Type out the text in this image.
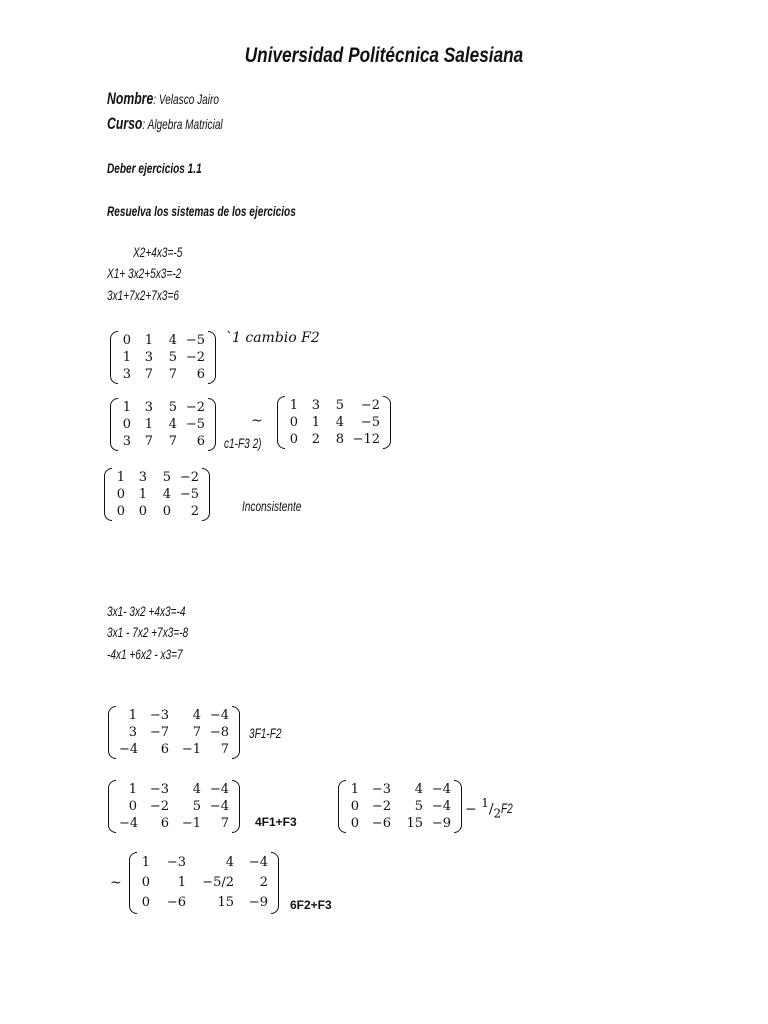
Universidad Politécnica Salesiana
Nombre: Velasco Jairo
Curso: Algebra Matricial
Deber ejercicios 1.1
Resuelva los sistemas de los ejercicios
X2+4x3=-5
X1+ 3x2+5x3=-2
3x1+7x2+7x3=6
0	1	4 −5
1	3	5 −2
3	7	7	6
`1 cambio F2
1	3	5 −2
0	1	4 −5
3	7	7	6
~
c1-F3 2)
1	3	5	−2
0	1	4	−5
0	2	8 −12
1	3	5 −2
0	1	4 −5
0	0	0	2	Inconsistente
3x1- 3x2 +4x3=-4
3x1 - 7x2 +7x3=-8
-4x1 +6x2 - x3=7
1 −3	4 −4
3 −7	7 −8
−4	6 −1	7
3F1-F2
1 −3	4 −4
0 −2	5 −4
−4	6 −1	7 4F1+F3
1 −3	4 −4
0 −2	5 −4
0 −6	15 −9
− $^1/_2F2$
~
1	−3	4	−4
0	1	−5/2	2
0	−6	15	−9 6F2+F3
